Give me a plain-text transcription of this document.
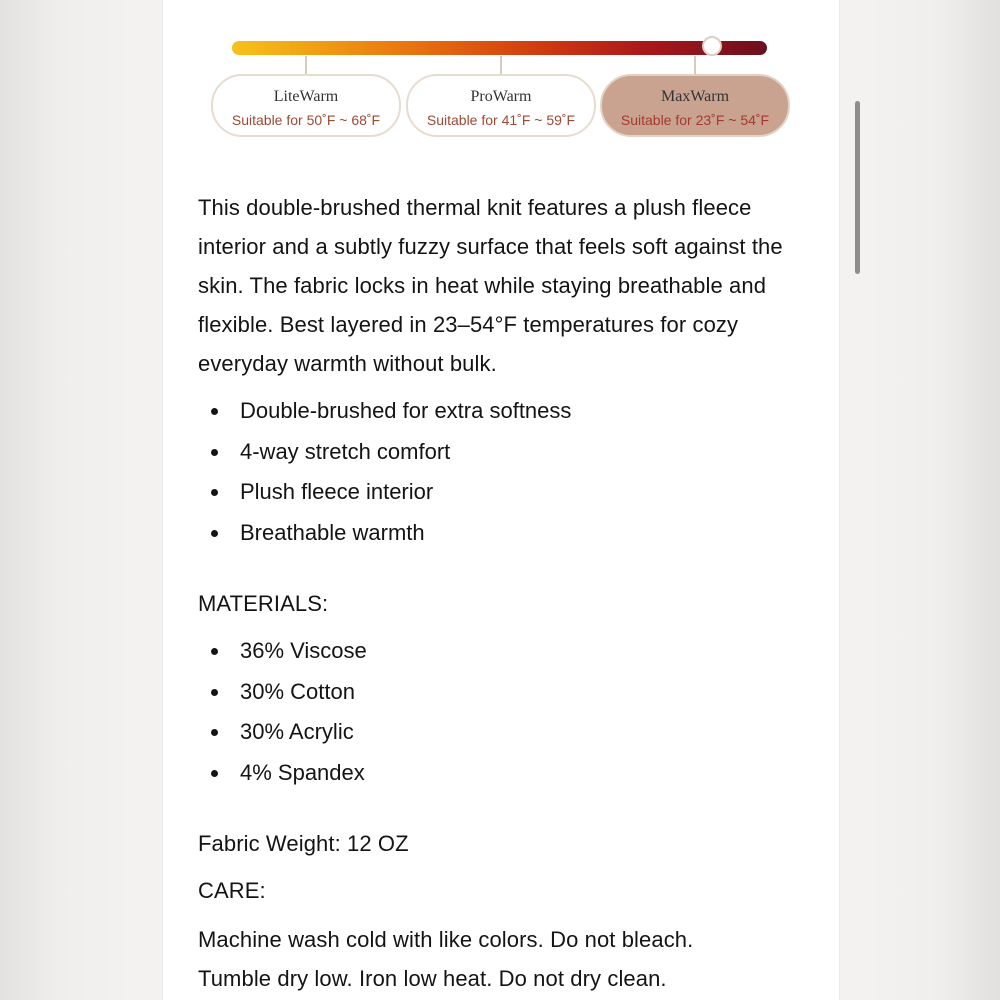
LiteWarm
Suitable for 50˚F ~ 68˚F
ProWarm
Suitable for 41˚F ~ 59˚F
MaxWarm
Suitable for 23˚F ~ 54˚F
This double-brushed thermal knit features a plush fleece interior and a subtly fuzzy surface that feels soft against the skin. The fabric locks in heat while staying breathable and flexible. Best layered in 23–54°F temperatures for cozy everyday warmth without bulk.
Double-brushed for extra softness
4-way stretch comfort
Plush fleece interior
Breathable warmth
MATERIALS:
36% Viscose
30% Cotton
30% Acrylic
4% Spandex
Fabric Weight: 12 OZ
CARE:
Machine wash cold with like colors. Do not bleach.
Tumble dry low. Iron low heat. Do not dry clean.
